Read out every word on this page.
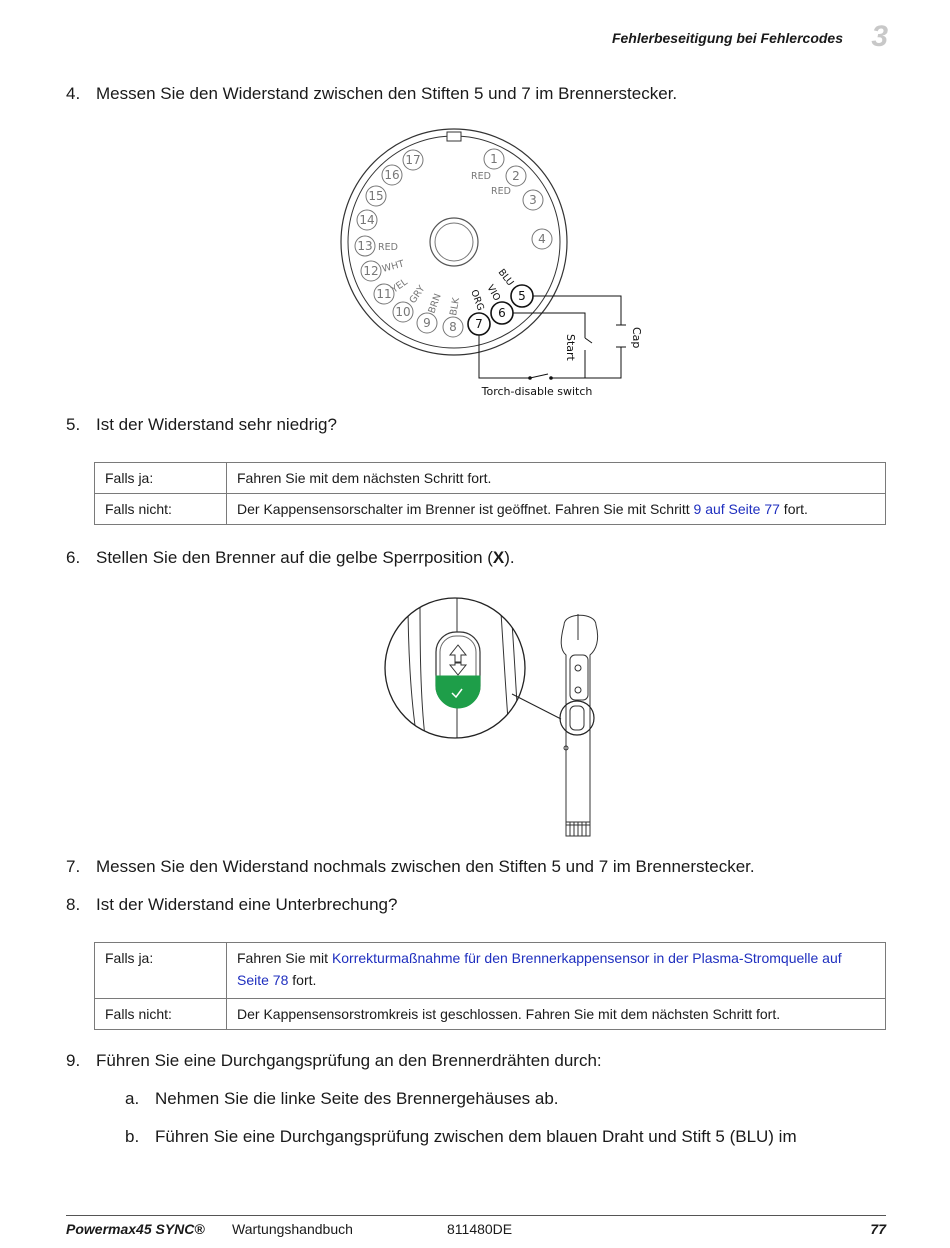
Fehlerbeseitigung bei Fehlercodes 3
4. Messen Sie den Widerstand zwischen den Stiften 5 und 7 im Brennerstecker.
1
2
3
4
8
9
10
11
12
13
14
15
16
17
5
6
7
RED
RED
RED
WHT
YEL
GRY BRN BLK ORG
VIO
BLU
Start	Cap
Torch-disable switch
5. Ist der Widerstand sehr niedrig?
Falls ja:	Fahren Sie mit dem nächsten Schritt fort.
Falls nicht:	Der Kappensensorschalter im Brenner ist geöffnet. Fahren Sie mit Schritt 9 auf Seite 77 fort.
6. Stellen Sie den Brenner auf die gelbe Sperrposition (X).
7. Messen Sie den Widerstand nochmals zwischen den Stiften 5 und 7 im Brennerstecker.
8. Ist der Widerstand eine Unterbrechung?
Falls ja:	Fahren Sie mit Korrekturmaßnahme für den Brennerkappensensor in der Plasma-Stromquelle auf Seite 78 fort.
Falls nicht:	Der Kappensensorstromkreis ist geschlossen. Fahren Sie mit dem nächsten Schritt fort.
9. Führen Sie eine Durchgangsprüfung an den Brennerdrähten durch:
a. Nehmen Sie die linke Seite des Brennergehäuses ab.
b. Führen Sie eine Durchgangsprüfung zwischen dem blauen Draht und Stift 5 (BLU) im
Powermax45 SYNC® Wartungshandbuch	811480DE	77
